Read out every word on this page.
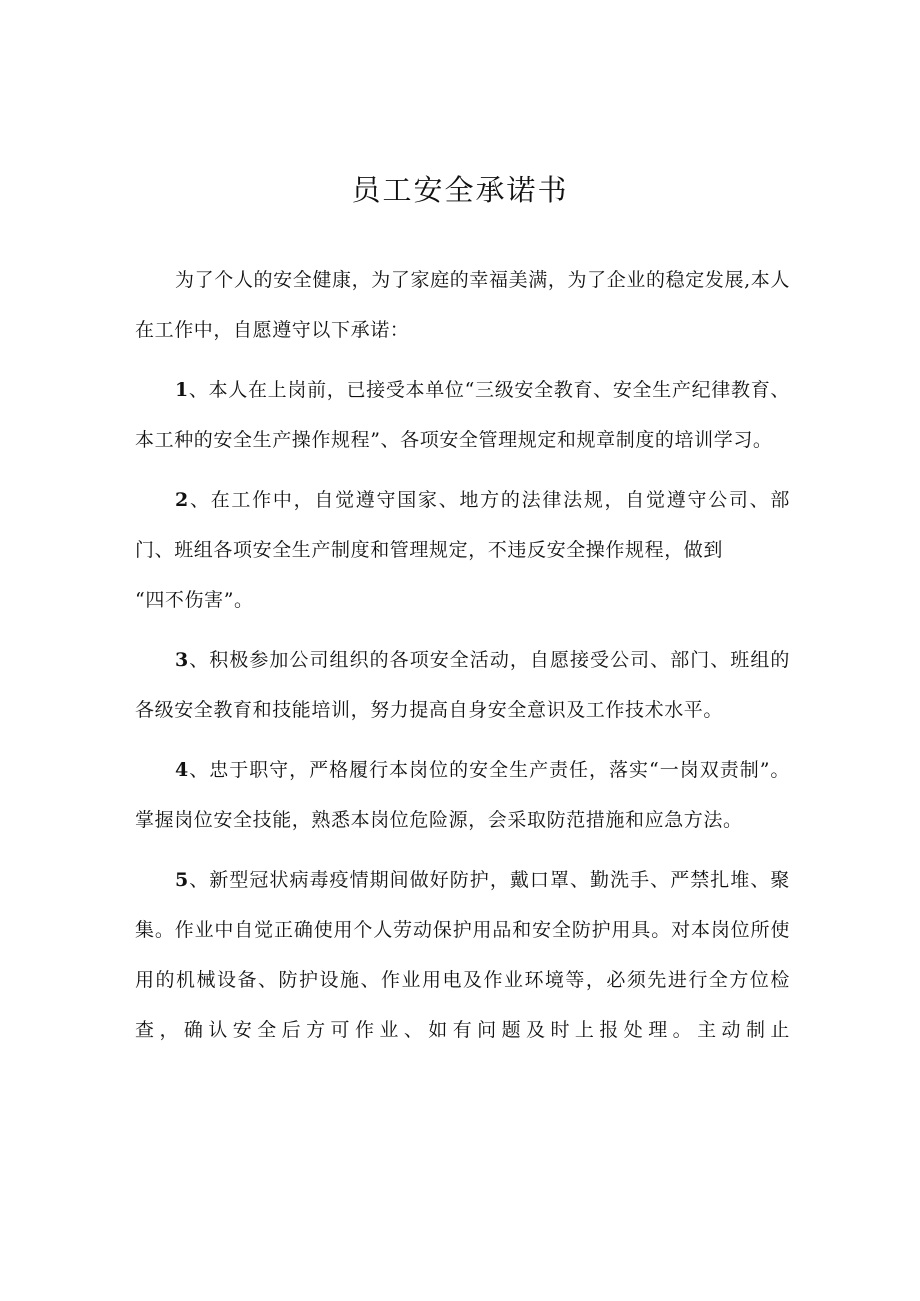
员工安全承诺书

为了个人的安全健康，为了家庭的幸福美满，为了企业的稳定发展,本人在工作中，自愿遵守以下承诺：

1、本人在上岗前，已接受本单位“三级安全教育、安全生产纪律教育、本工种的安全生产操作规程”、各项安全管理规定和规章制度的培训学习。

2、在工作中，自觉遵守国家、地方的法律法规，自觉遵守公司、部门、班组各项安全生产制度和管理规定，不违反安全操作规程，做到
“四不伤害”。

3、积极参加公司组织的各项安全活动，自愿接受公司、部门、班组的各级安全教育和技能培训，努力提高自身安全意识及工作技术水平。

4、忠于职守，严格履行本岗位的安全生产责任，落实“一岗双责制”。掌握岗位安全技能，熟悉本岗位危险源，会采取防范措施和应急方法。

5、新型冠状病毒疫情期间做好防护，戴口罩、勤洗手、严禁扎堆、聚集。作业中自觉正确使用个人劳动保护用品和安全防护用具。对本岗位所使用的机械设备、防护设施、作业用电及作业环境等，必须先进行全方位检查，确认安全后方可作业、如有问题及时上报处理。主动制止
